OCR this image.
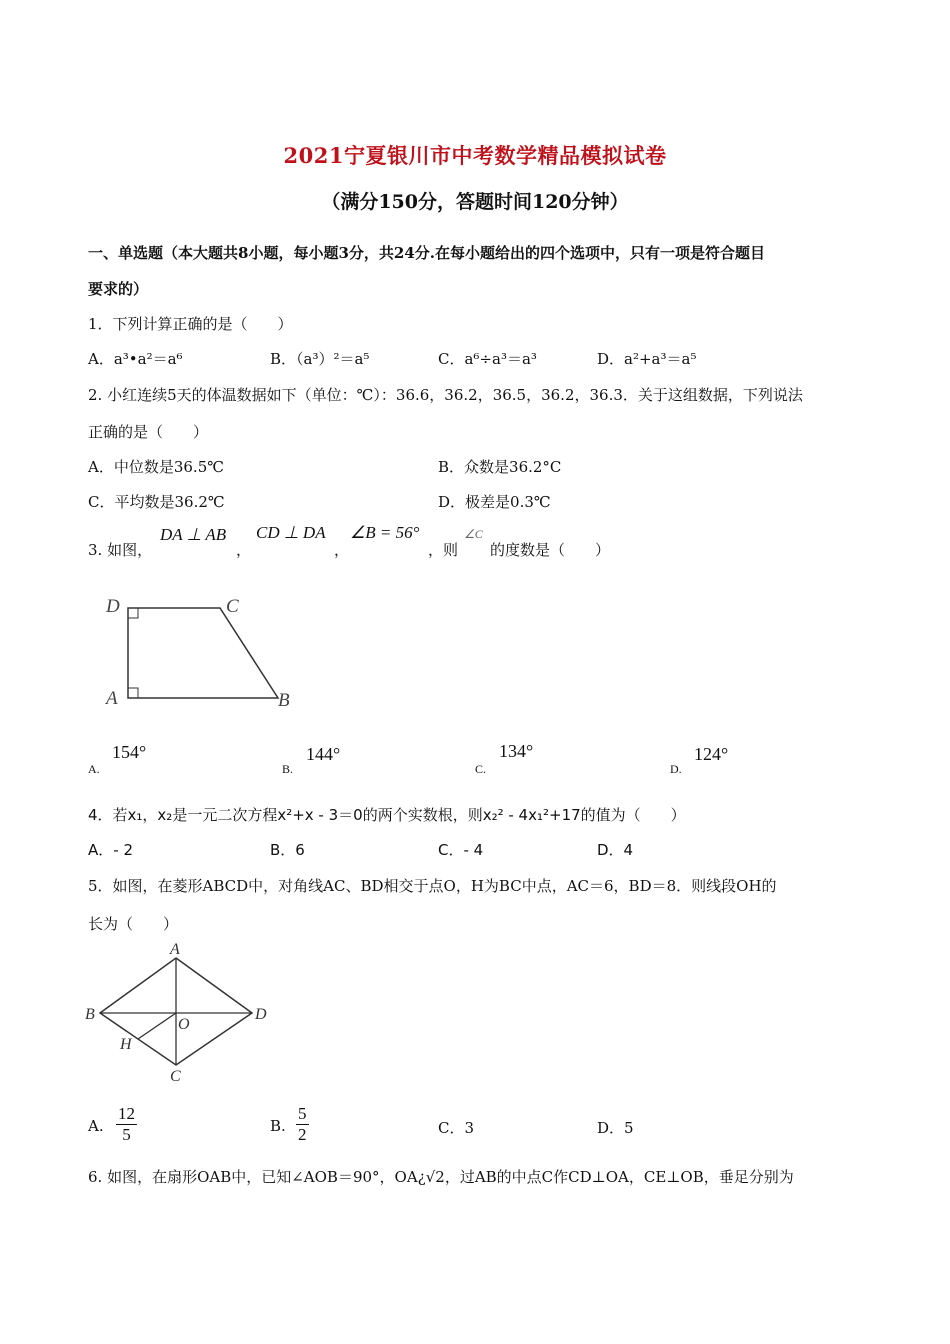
2021宁夏银川市中考数学精品模拟试卷
（满分150分，答题时间120分钟）
一、单选题（本大题共8小题，每小题3分，共24分.在每小题给出的四个选项中，只有一项是符合题目
要求的）
1．下列计算正确的是（　　）
A．a³•a²＝a⁶	B．（a³）²＝a⁵	C．a⁶÷a³＝a³	D．a²+a³＝a⁵
2. 小红连续5天的体温数据如下（单位：℃）：36.6，36.2，36.5，36.2，36.3．关于这组数据，下列说法
正确的是（　　）
A．中位数是36.5℃	B．众数是36.2°C
C．平均数是36.2℃	D．极差是0.3℃
3. 如图，
DA ⊥ AB
，
CD ⊥ DA
，
∠B = 56°
，则
∠C
的度数是（　　）
D	C
A	B
A.
154°
B.
144°
C.
134°
D.
124°
4．若x₁，x₂是一元二次方程x²+x - 3＝0的两个实数根，则x₂² - 4x₁²+17的值为（　　）
A．- 2	B．6	C．- 4	D．4
5．如图，在菱形ABCD中，对角线AC、BD相交于点O，H为BC中点，AC＝6，BD＝8．则线段OH的
长为（　　）
A
B
O
D
H
C
A. $\frac{12}{5}$	B. $\frac{5}{2}$	C．3	D．5
6. 如图，在扇形OAB中，已知∠AOB＝90°，OA¿√2，过AB的中点C作CD⊥OA，CE⊥OB，垂足分别为
